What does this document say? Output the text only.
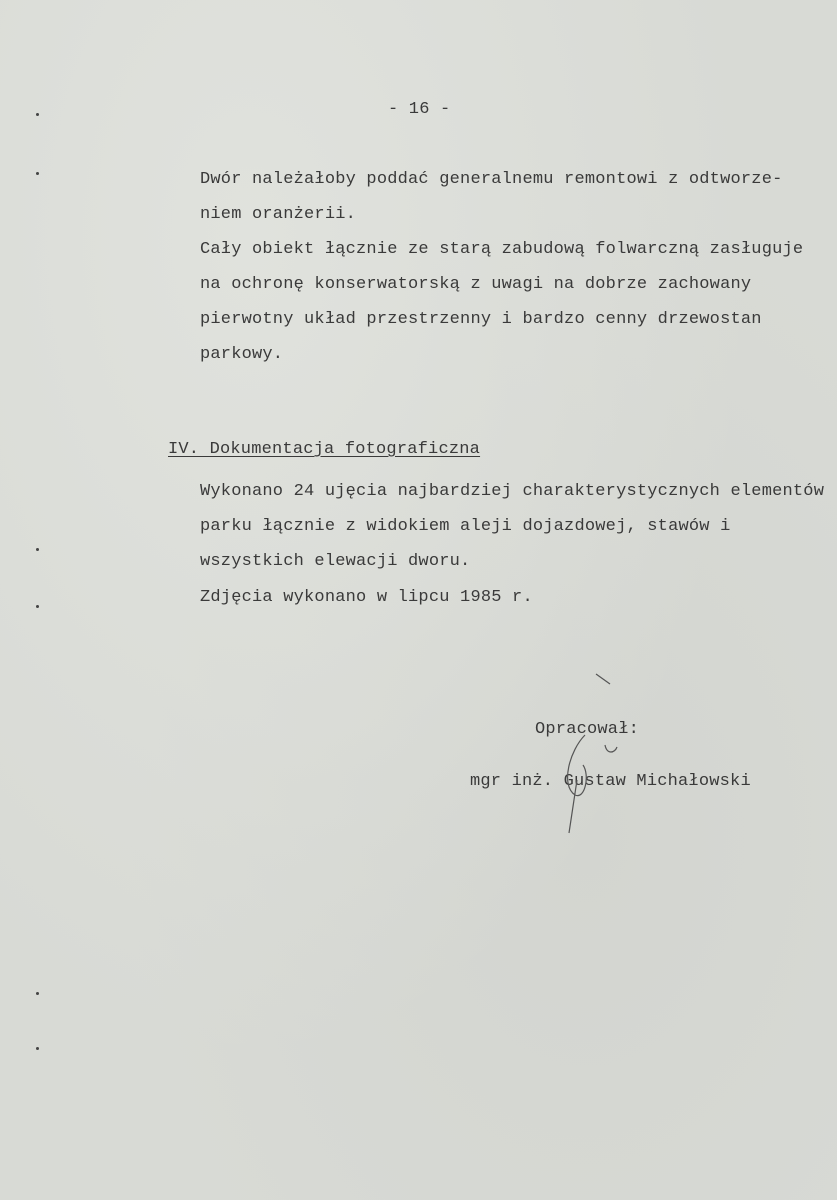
- 16 -
Dwór należałoby poddać generalnemu remontowi z odtworze-
niem oranżerii.
Cały obiekt łącznie ze starą zabudową folwarczną zasługuje
na ochronę konserwatorską z uwagi na dobrze zachowany
pierwotny układ przestrzenny i bardzo cenny drzewostan
parkowy.
IV. Dokumentacja fotograficzna
Wykonano 24 ujęcia najbardziej charakterystycznych elementów
parku łącznie z widokiem aleji dojazdowej, stawów i
wszystkich elewacji dworu.
Zdjęcia wykonano w lipcu 1985 r.
Opracował:
mgr inż. Gustaw Michałowski
